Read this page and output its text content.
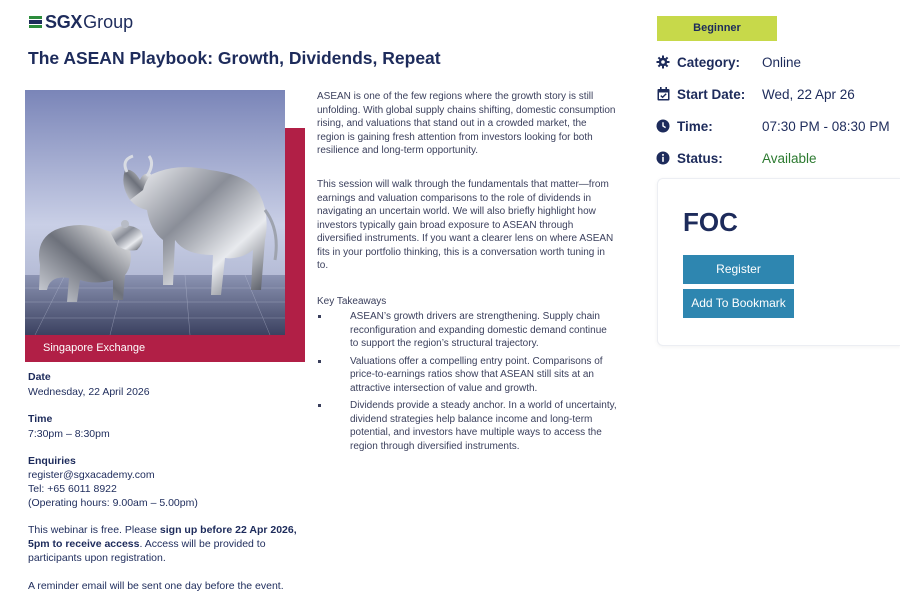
SGX Group
The ASEAN Playbook: Growth, Dividends, Repeat
Singapore Exchange
Date
Wednesday, 22 April 2026
Time
7:30pm – 8:30pm
Enquiries
register@sgxacademy.com
Tel: +65 6011 8922
(Operating hours: 9.00am – 5.00pm)
This webinar is free. Please sign up before 22 Apr 2026, 5pm to receive access. Access will be provided to participants upon registration.
A reminder email will be sent one day before the event.
ASEAN is one of the few regions where the growth story is still unfolding. With global supply chains shifting, domestic consumption rising, and valuations that stand out in a crowded market, the region is gaining fresh attention from investors looking for both resilience and long-term opportunity.
This session will walk through the fundamentals that matter—from earnings and valuation comparisons to the role of dividends in navigating an uncertain world. We will also briefly highlight how investors typically gain broad exposure to ASEAN through diversified instruments. If you want a clearer lens on where ASEAN fits in your portfolio thinking, this is a conversation worth tuning in to.
Key Takeaways
ASEAN’s growth drivers are strengthening. Supply chain reconfiguration and expanding domestic demand continue to support the region’s structural trajectory.
Valuations offer a compelling entry point. Comparisons of price-to-earnings ratios show that ASEAN still sits at an attractive intersection of value and growth.
Dividends provide a steady anchor. In a world of uncertainty, dividend strategies help balance income and long-term potential, and investors have multiple ways to access the region through diversified instruments.
Beginner
Category:	Online
Start Date:	Wed, 22 Apr 26
Time:	07:30 PM - 08:30 PM
Status:	Available
FOC
Register
Add To Bookmark
